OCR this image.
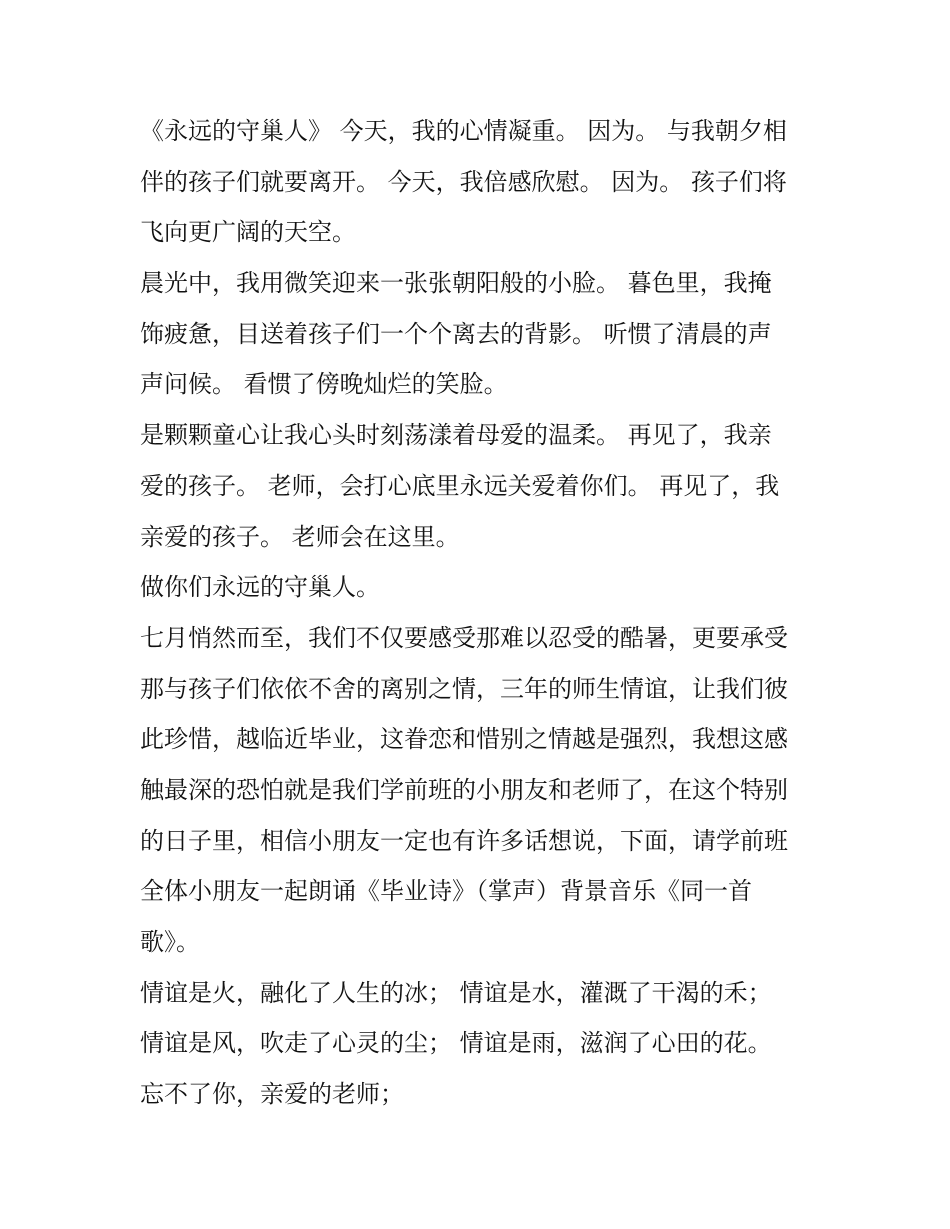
《永远的守巢人》 今天，我的心情凝重。 因为。 与我朝夕相
伴的孩子们就要离开。 今天，我倍感欣慰。 因为。 孩子们将
飞向更广阔的天空。
晨光中，我用微笑迎来一张张朝阳般的小脸。 暮色里，我掩
饰疲惫，目送着孩子们一个个离去的背影。 听惯了清晨的声
声问候。 看惯了傍晚灿烂的笑脸。
是颗颗童心让我心头时刻荡漾着母爱的温柔。 再见了，我亲
爱的孩子。 老师，会打心底里永远关爱着你们。 再见了，我
亲爱的孩子。 老师会在这里。
做你们永远的守巢人。
七月悄然而至，我们不仅要感受那难以忍受的酷暑，更要承受
那与孩子们依依不舍的离别之情，三年的师生情谊，让我们彼
此珍惜，越临近毕业，这眷恋和惜别之情越是强烈，我想这感
触最深的恐怕就是我们学前班的小朋友和老师了，在这个特别
的日子里，相信小朋友一定也有许多话想说，下面，请学前班
全体小朋友一起朗诵《毕业诗》（掌声）背景音乐《同一首
歌》。
情谊是火，融化了人生的冰； 情谊是水，灌溉了干渴的禾；
情谊是风，吹走了心灵的尘； 情谊是雨，滋润了心田的花。
忘不了你，亲爱的老师；
